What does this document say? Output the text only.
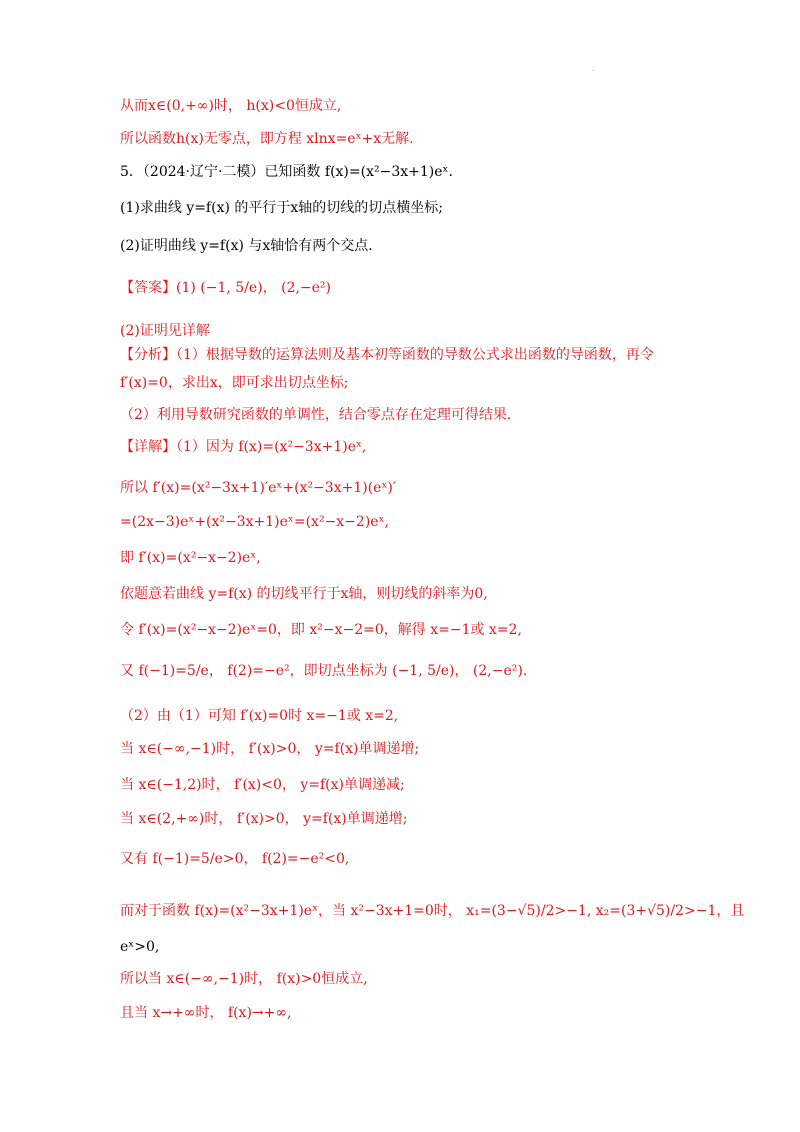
.
从而x∈(0,+∞)时， h(x)<0恒成立,
所以函数h(x)无零点，即方程 xlnx=eˣ+x无解.
5．（2024·辽宁·二模）已知函数 f(x)=(x²−3x+1)eˣ.
(1)求曲线 y=f(x) 的平行于x轴的切线的切点横坐标;
(2)证明曲线 y=f(x) 与x轴恰有两个交点.
【答案】(1) (−1, 5/e)， (2,−e²)
(2)证明见详解
【分析】（1）根据导数的运算法则及基本初等函数的导数公式求出函数的导函数，再令
f′(x)=0，求出x，即可求出切点坐标;
（2）利用导数研究函数的单调性，结合零点存在定理可得结果.
【详解】（1）因为 f(x)=(x²−3x+1)eˣ,
所以 f′(x)=(x²−3x+1)′eˣ+(x²−3x+1)(eˣ)′
=(2x−3)eˣ+(x²−3x+1)eˣ=(x²−x−2)eˣ,
即 f′(x)=(x²−x−2)eˣ,
依题意若曲线 y=f(x) 的切线平行于x轴，则切线的斜率为0,
令 f′(x)=(x²−x−2)eˣ=0，即 x²−x−2=0，解得 x=−1或 x=2,
又 f(−1)=5/e， f(2)=−e²，即切点坐标为 (−1, 5/e)， (2,−e²).
（2）由（1）可知 f′(x)=0时 x=−1或 x=2,
当 x∈(−∞,−1)时， f′(x)>0， y=f(x)单调递增;
当 x∈(−1,2)时， f′(x)<0， y=f(x)单调递减;
当 x∈(2,+∞)时， f′(x)>0， y=f(x)单调递增;
又有 f(−1)=5/e>0， f(2)=−e²<0,
而对于函数 f(x)=(x²−3x+1)eˣ，当 x²−3x+1=0时， x₁=(3−√5)/2>−1, x₂=(3+√5)/2>−1，且
eˣ>0,
所以当 x∈(−∞,−1)时， f(x)>0恒成立,
且当 x→+∞时， f(x)→+∞,
